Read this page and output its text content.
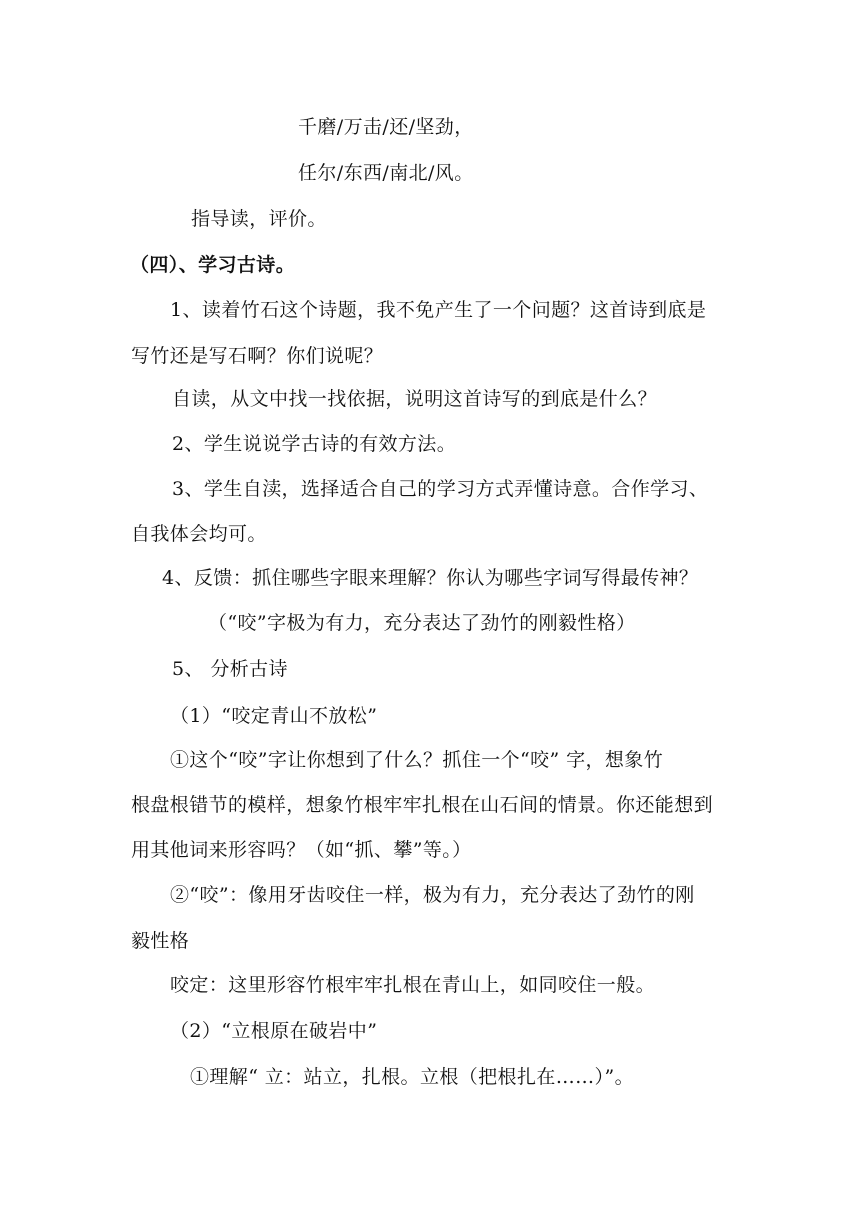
千磨/万击/还/坚劲，
任尔/东西/南北/风。
指导读，评价。
（四）、学习古诗。
1、读着竹石这个诗题，我不免产生了一个问题？这首诗到底是
写竹还是写石啊？你们说呢？
自读，从文中找一找依据，说明这首诗写的到底是什么？
2、学生说说学古诗的有效方法。
3、学生自渎，选择适合自己的学习方式弄懂诗意。合作学习、
自我体会均可。
4、反馈：抓住哪些字眼来理解？你认为哪些字词写得最传神？
（“咬”字极为有力，充分表达了劲竹的刚毅性格）
5、 分析古诗
（1）“咬定青山不放松”
①这个“咬”字让你想到了什么？抓住一个“咬” 字，想象竹
根盘根错节的模样，想象竹根牢牢扎根在山石间的情景。你还能想到
用其他词来形容吗？（如“抓、攀”等。）
②“咬”：像用牙齿咬住一样，极为有力，充分表达了劲竹的刚
毅性格
咬定：这里形容竹根牢牢扎根在青山上，如同咬住一般。
（2）“立根原在破岩中”
①理解“ 立：站立，扎根。立根（把根扎在……）”。
